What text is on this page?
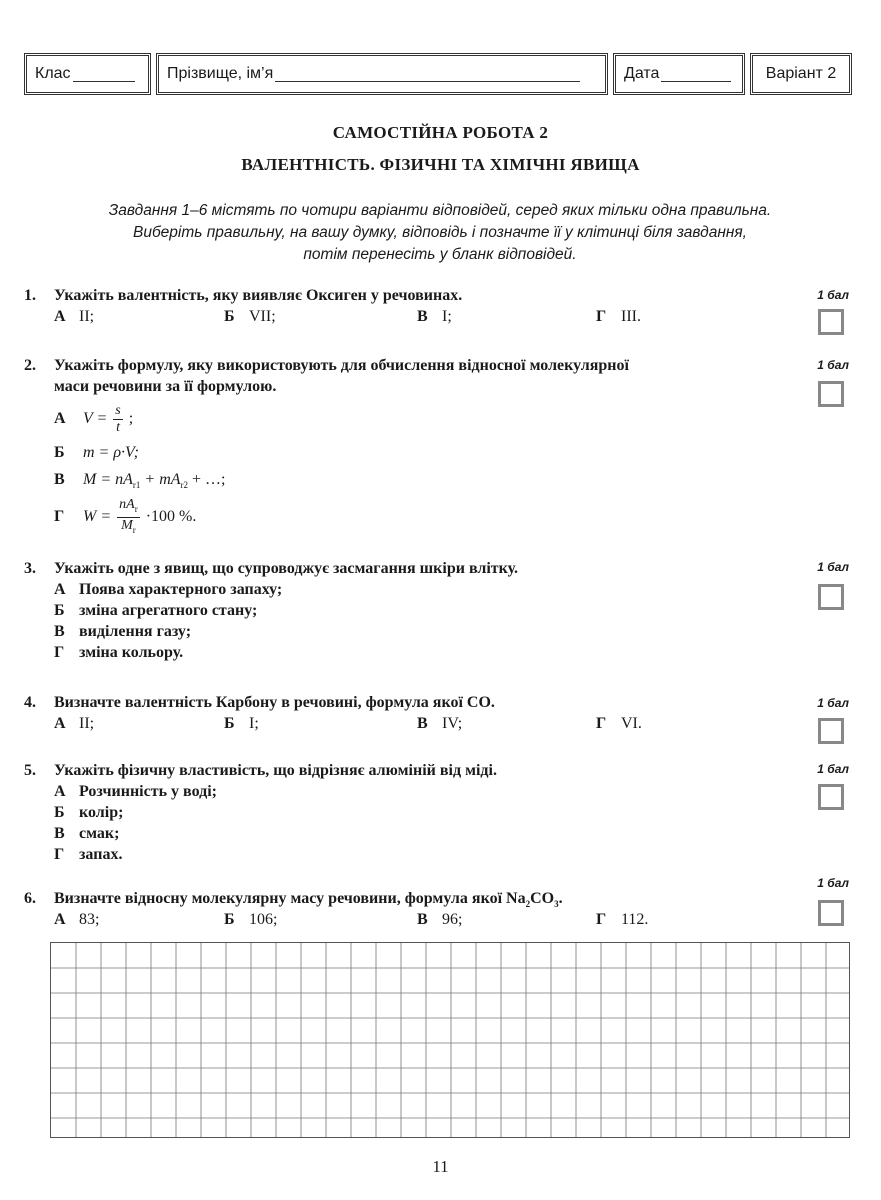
Клас	Прізвище, ім’я	Дата	Варіант 2
САМОСТІЙНА РОБОТА 2
ВАЛЕНТНІСТЬ. ФІЗИЧНІ ТА ХІМІЧНІ ЯВИЩА
Завдання 1–6 містять по чотири варіанти відповідей, серед яких тільки одна правильна.
Виберіть правильну, на вашу думку, відповідь і позначте її у клітинці біля завдання,
потім перенесіть у бланк відповідей.
1. Укажіть валентність, яку виявляє Оксиген у речовинах.
А II;	Б VII;	В I;	Г III.
1 бал
2. Укажіть формулу, яку використовують для обчислення відносної молекулярної
маси речовини за її формулою.
А $V = \frac{s}{t}$ ;
Б m = ρ·V;
В $M = nA_{r1} + mA_{r2}$ + …;
Г $W = \frac{nA_r}{M_r} \cdot 100$ %.
1 бал
3. Укажіть одне з явищ, що супроводжує засмагання шкіри влітку.
А Поява характерного запаху;
Б зміна агрегатного стану;
В виділення газу;
Г зміна кольору.
1 бал
4. Визначте валентність Карбону в речовині, формула якої CO.
А II;	Б I;	В IV;	Г VI.
1 бал
5. Укажіть фізичну властивість, що відрізняє алюміній від міді.
А Розчинність у воді;
Б колір;
В смак;
Г запах.
1 бал
6. Визначте відносну молекулярну масу речовини, формула якої $Na_2CO_3$.
А 83;	Б 106;	В 96;	Г 112.
1 бал
11
